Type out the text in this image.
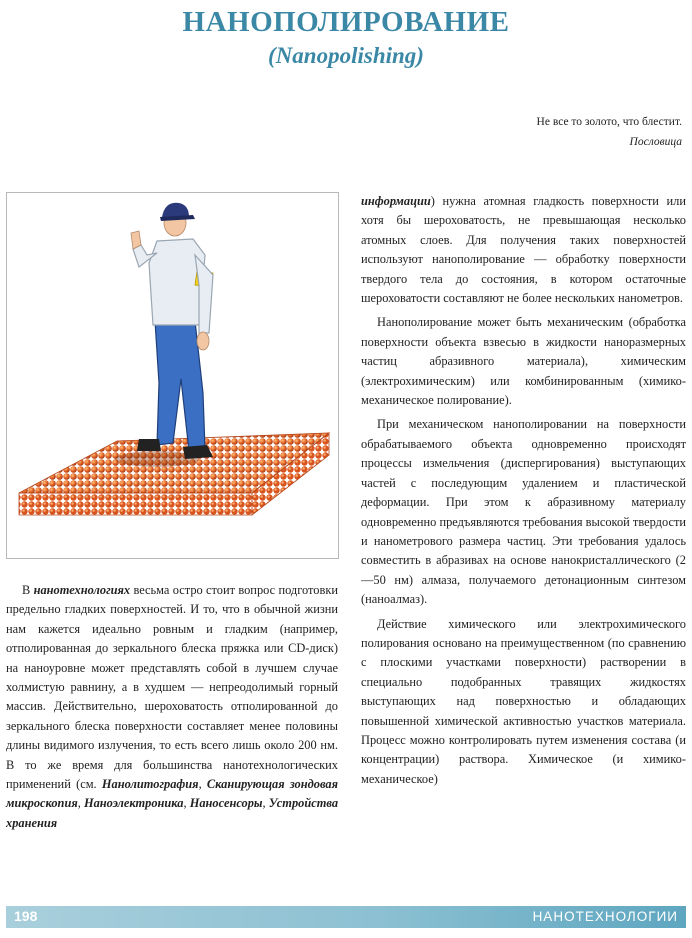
НАНОПОЛИРОВАНИЕ
(Nanopolishing)
Не все то золото, что блестит.
Пословица

В нанотехнологиях весьма остро стоит вопрос подготовки предельно гладких поверхностей. И то, что в обычной жизни нам кажется идеально ровным и гладким (например, отполированная до зеркального блеска пряжка или CD-диск) на наноуровне может представлять собой в лучшем случае холмистую равнину, а в худшем — непреодолимый горный массив. Действительно, шероховатость отполированной до зеркального блеска поверхности составляет менее половины длины видимого излучения, то есть всего лишь около 200 нм. В то же время для большинства нанотехнологических применений (см. Нанолитография, Сканирующая зондовая микроскопия, Наноэлектроника, Наносенсоры, Устройства хранения

информации) нужна атомная гладкость поверхности или хотя бы шероховатость, не превышающая несколько атомных слоев. Для получения таких поверхностей используют нанополирование — обработку поверхности твердого тела до состояния, в котором остаточные шероховатости составляют не более нескольких нанометров.

Нанополирование может быть механическим (обработка поверхности объекта взвесью в жидкости наноразмерных частиц абразивного материала), химическим (электрохимическим) или комбинированным (химико-механическое полирование).

При механическом нанополировании на поверхности обрабатываемого объекта одновременно происходят процессы измельчения (диспергирования) выступающих частей с последующим удалением и пластической деформации. При этом к абразивному материалу одновременно предъявляются требования высокой твердости и нанометрового размера частиц. Эти требования удалось совместить в абразивах на основе нанокристаллического (2—50 нм) алмаза, получаемого детонационным синтезом (наноалмаз).

Действие химического или электрохимического полирования основано на преимущественном (по сравнению с плоскими участками поверхности) растворении в специально подобранных травящих жидкостях выступающих над поверхностью и обладающих повышенной химической активностью участков материала. Процесс можно контролировать путем изменения состава (и концентрации) раствора. Химическое (и химико-механическое)

198	НАНОТЕХНОЛОГИИ
